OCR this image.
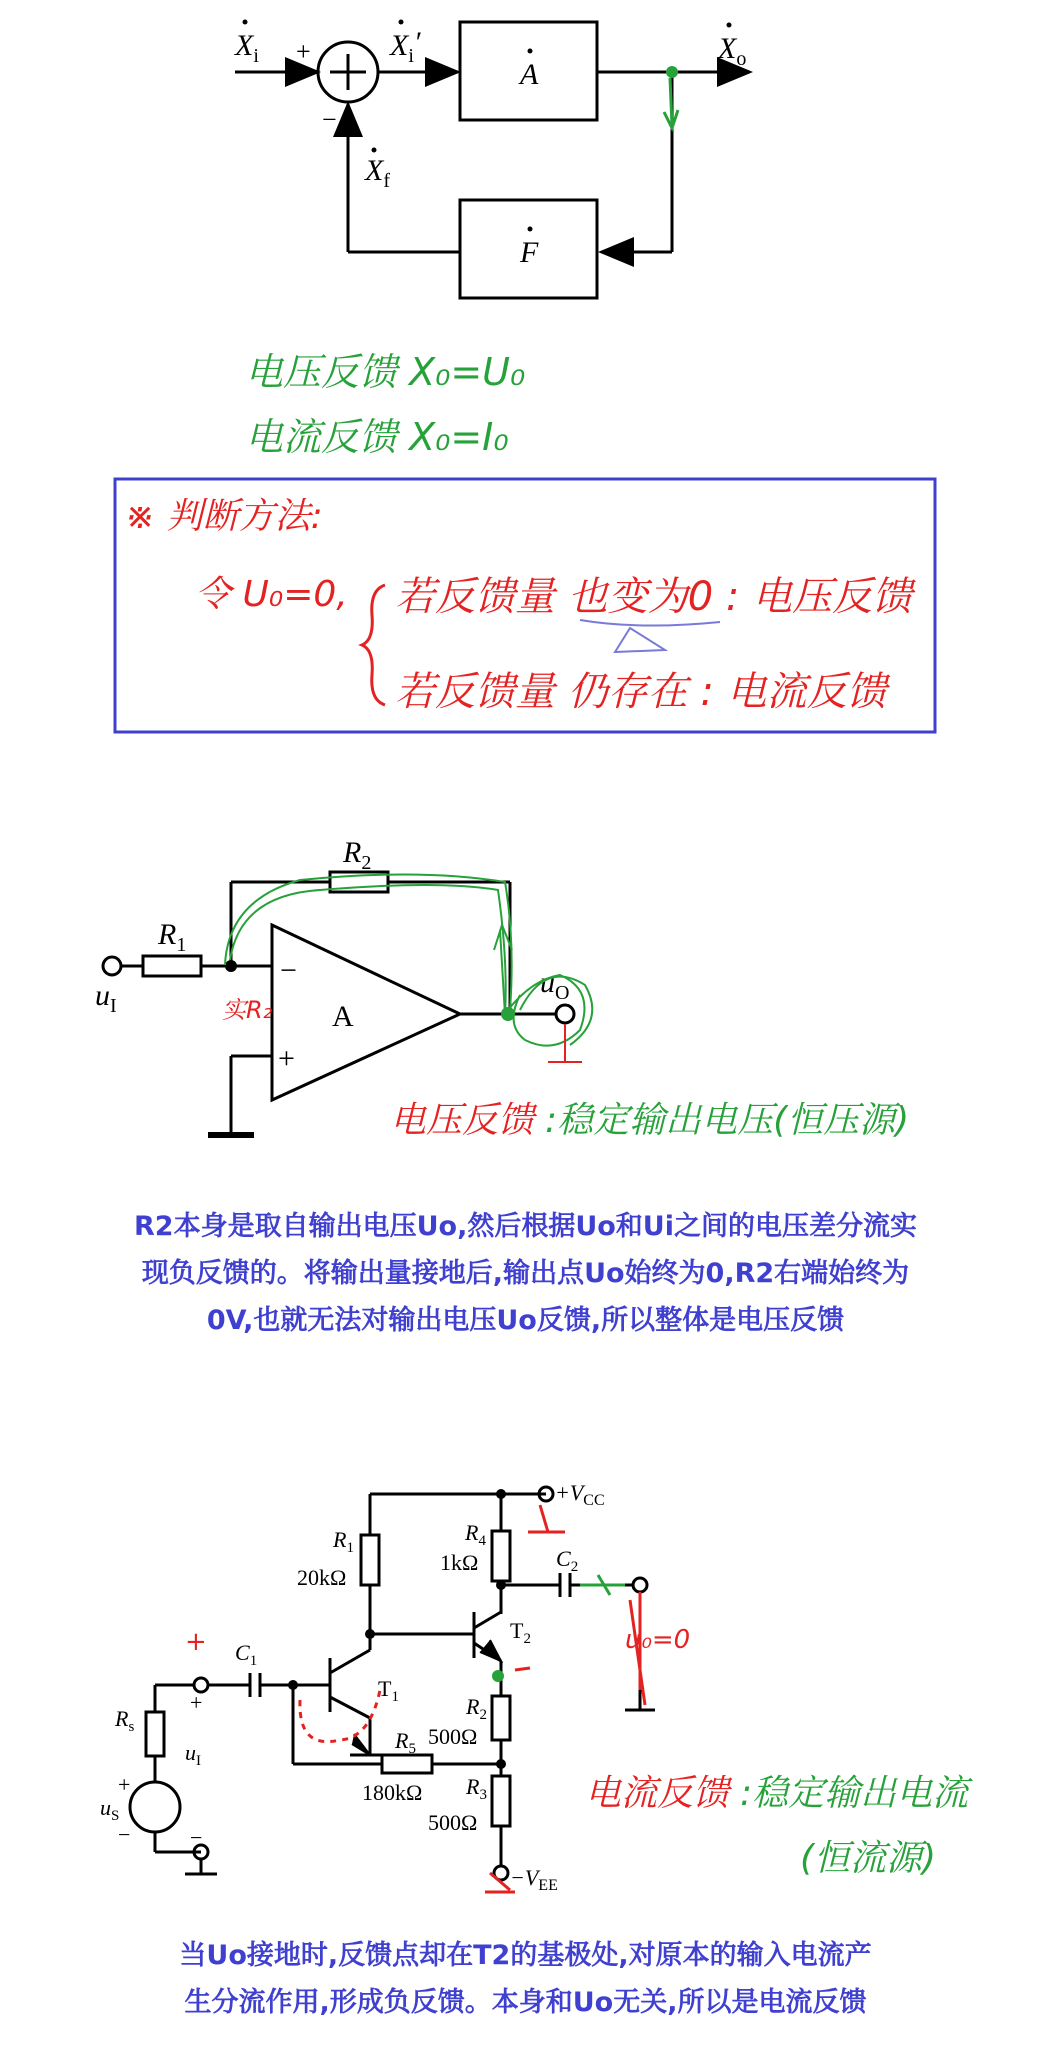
$X_i$ +
−
$X_i'$	$X_o$
$X_f$
A
F
电压反馈 X₀=U₀
电流反馈 X₀=I₀
※ 判断方法:
令 U₀=0, 若反馈量 也变为0 : 电压反馈
若反馈量 仍存在 : 电流反馈
$R_1$
$R_2$
$u_I$
$u_O$
A
−
+
实R₂
电压反馈 :稳定输出电压(恒压源)
$+V_{CC}$
$-V_{EE}$
$R_1$
20kΩ
$R_4$
1kΩ
$R_2$
500Ω
$R_3$
500Ω
$R_5$
180kΩ
$R_s$
$C_1$
$C_2$
$T_1$
$T_2$
$u_I$
$u_S$
+
+
−	−
u₀=0
+
电流反馈 :稳定输出电流
(恒流源)
R2本身是取自输出电压Uo,然后根据Uo和Ui之间的电压差分流实
现负反馈的。将输出量接地后,输出点Uo始终为0,R2右端始终为
0V,也就无法对输出电压Uo反馈,所以整体是电压反馈
当Uo接地时,反馈点却在T2的基极处,对原本的输入电流产
生分流作用,形成负反馈。本身和Uo无关,所以是电流反馈
